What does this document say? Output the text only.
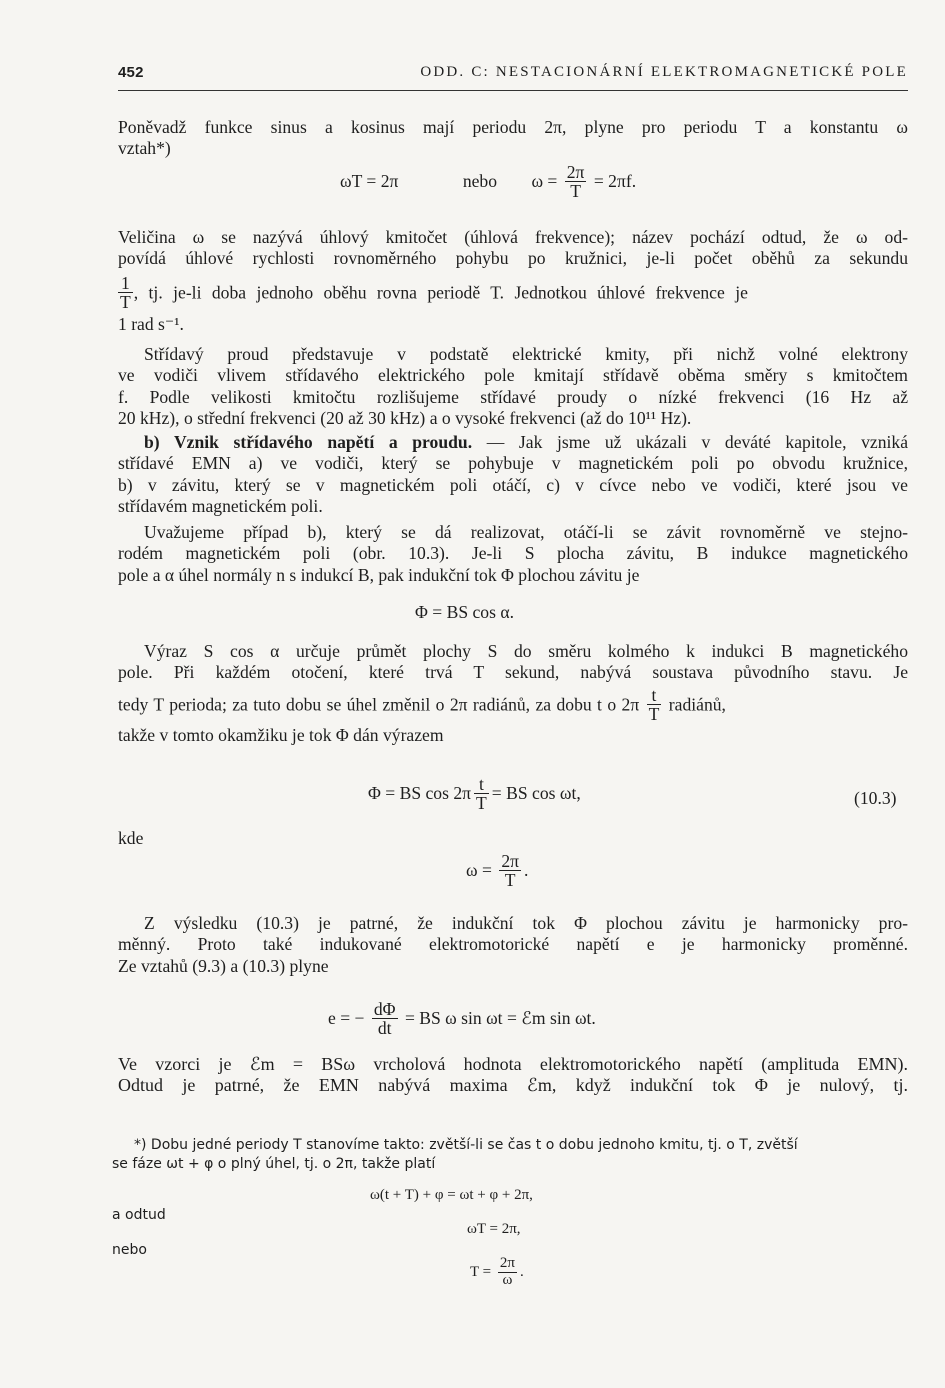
452	ODD. C: NESTACIONÁRNÍ ELEKTROMAGNETICKÉ POLE
Poněvadž funkce sinus a kosinus mají periodu 2π, plyne pro periodu T a konstantu ω
vztah*)
ωT = 2π	nebo $\omega = \frac{2\pi}{T} = 2\pi f$.
Veličina ω se nazývá úhlový kmitočet (úhlová frekvence); název pochází odtud, že ω od-
povídá úhlové rychlosti rovnoměrného pohybu po kružnici, je-li počet oběhů za sekundu
$\frac{1}{T}$ , tj. je-li doba jednoho oběhu rovna periodě T. Jednotkou úhlové frekvence je
1 rad s⁻¹.
Střídavý proud představuje v podstatě elektrické kmity, při nichž volné elektrony
ve vodiči vlivem střídavého elektrického pole kmitají střídavě oběma směry s kmitočtem
f. Podle velikosti kmitočtu rozlišujeme střídavé proudy o nízké frekvenci (16 Hz až
20 kHz), o střední frekvenci (20 až 30 kHz) a o vysoké frekvenci (až do 10¹¹ Hz).
b) Vznik střídavého napětí a proudu. — Jak jsme už ukázali v deváté kapitole, vzniká
střídavé EMN a) ve vodiči, který se pohybuje v magnetickém poli po obvodu kružnice,
b) v závitu, který se v magnetickém poli otáčí, c) v cívce nebo ve vodiči, které jsou ve
střídavém magnetickém poli.
Uvažujeme případ b), který se dá realizovat, otáčí-li se závit rovnoměrně ve stejno-
rodém magnetickém poli (obr. 10.3). Je-li S plocha závitu, B indukce magnetického
pole a α úhel normály n s indukcí B, pak indukční tok Φ plochou závitu je
Φ = BS cos α.
Výraz S cos α určuje průmět plochy S do směru kolmého k indukci B magnetického
pole. Při každém otočení, které trvá T sekund, nabývá soustava původního stavu. Je
tedy T perioda; za tuto dobu se úhel změnil o 2π radiánů, za dobu t o $2\pi \frac{t}{T}$ radiánů,
takže v tomto okamžiku je tok Φ dán výrazem
Φ = BS $\cos 2\pi \frac{t}{T}$ = BS cos ωt,	(10.3)
kde
$\omega = \frac{2\pi}{T}$ .
Z výsledku (10.3) je patrné, že indukční tok Φ plochou závitu je harmonicky pro-
měnný. Proto také indukované elektromotorické napětí e je harmonicky proměnné.
Ze vztahů (9.3) a (10.3) plyne
e = − $\frac{d\Phi}{dt}$ = BS ω sin ωt = ℰm sin ωt.
Ve vzorci je ℰm = BSω vrcholová hodnota elektromotorického napětí (amplituda EMN).
Odtud je patrné, že EMN nabývá maxima ℰm, když indukční tok Φ je nulový, tj.
*) Dobu jedné periody T stanovíme takto: zvětší-li se čas t o dobu jednoho kmitu, tj. o T, zvětší
se fáze ωt + φ o plný úhel, tj. o 2π, takže platí
ω(t + T) + φ = ωt + φ + 2π,
a odtud
ωT = 2π,
nebo
$T = \frac{2\pi}{\omega}$ .
